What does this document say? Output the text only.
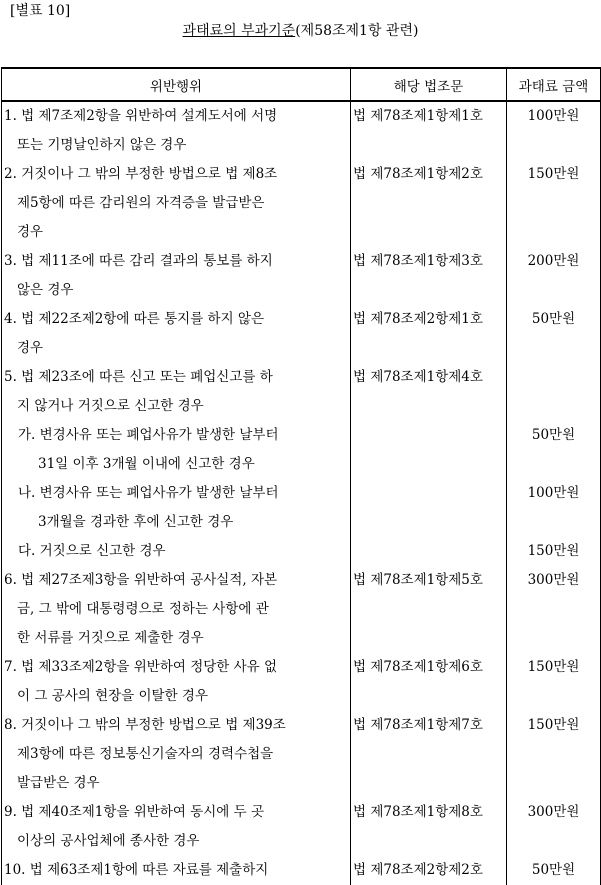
[별표 10]
과태료의 부과기준(제58조제1항 관련)
위반행위	해당 법조문	과태료 금액

1. 법 제7조제2항을 위반하여 설계도서에 서명
또는 기명날인하지 않은 경우	법 제78조제1항제1호	100만원

2. 거짓이나 그 밖의 부정한 방법으로 법 제8조
제5항에 따른 감리원의 자격증을 발급받은
경우	법 제78조제1항제2호	150만원

3. 법 제11조에 따른 감리 결과의 통보를 하지
않은 경우	법 제78조제1항제3호	200만원

4. 법 제22조제2항에 따른 통지를 하지 않은
경우	법 제78조제2항제1호	50만원

5. 법 제23조에 따른 신고 또는 폐업신고를 하
지 않거나 거짓으로 신고한 경우	법 제78조제1항제4호	

가. 변경사유 또는 폐업사유가 발생한 날부터
31일 이후 3개월 이내에 신고한 경우		50만원

나. 변경사유 또는 폐업사유가 발생한 날부터
3개월을 경과한 후에 신고한 경우		100만원

다. 거짓으로 신고한 경우		150만원

6. 법 제27조제3항을 위반하여 공사실적, 자본
금, 그 밖에 대통령령으로 정하는 사항에 관
한 서류를 거짓으로 제출한 경우	법 제78조제1항제5호	300만원

7. 법 제33조제2항을 위반하여 정당한 사유 없
이 그 공사의 현장을 이탈한 경우	법 제78조제1항제6호	150만원

8. 거짓이나 그 밖의 부정한 방법으로 법 제39조
제3항에 따른 정보통신기술자의 경력수첩을
발급받은 경우	법 제78조제1항제7호	150만원

9. 법 제40조제1항을 위반하여 동시에 두 곳
이상의 공사업체에 종사한 경우	법 제78조제1항제8호	300만원

10. 법 제63조제1항에 따른 자료를 제출하지	법 제78조제2항제2호	50만원
